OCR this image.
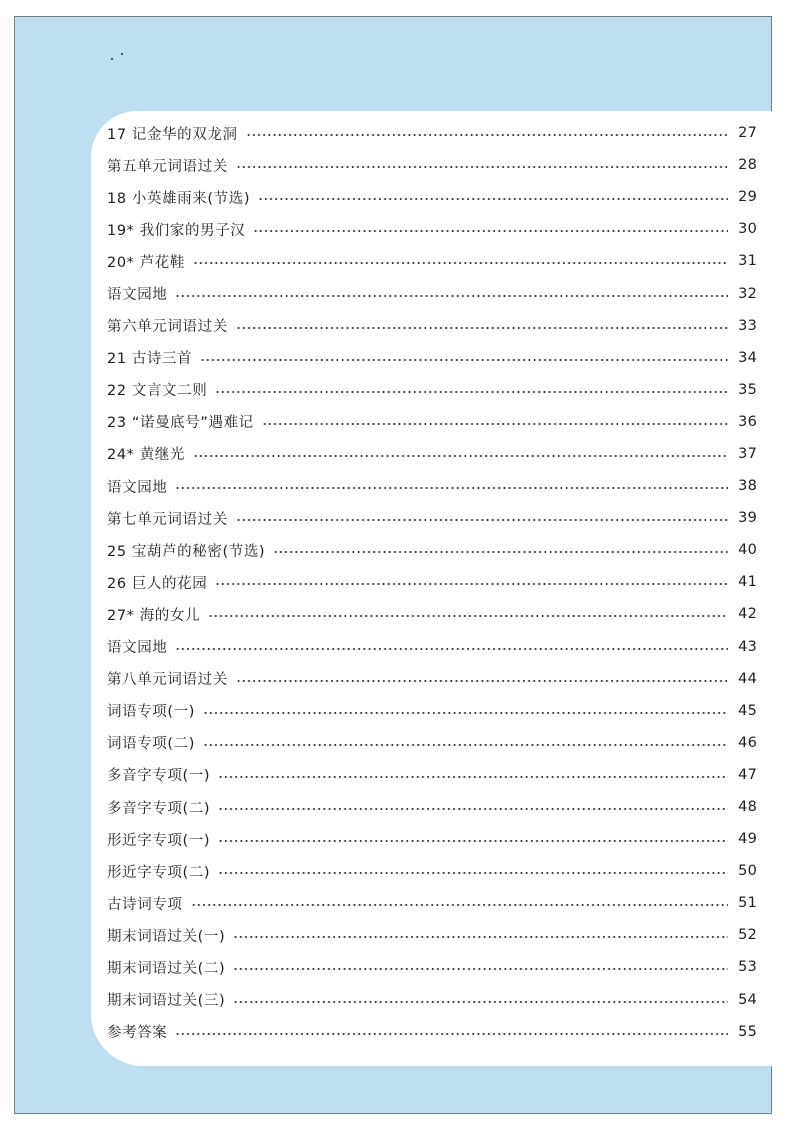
17 记金华的双龙洞	27
第五单元词语过关	28
18 小英雄雨来(节选)	29
19* 我们家的男子汉	30
20* 芦花鞋	31
语文园地	32
第六单元词语过关	33
21 古诗三首	34
22 文言文二则	35
23 “诺曼底号”遇难记	36
24* 黄继光	37
语文园地	38
第七单元词语过关	39
25 宝葫芦的秘密(节选)	40
26 巨人的花园	41
27* 海的女儿	42
语文园地	43
第八单元词语过关	44
词语专项(一)	45
词语专项(二)	46
多音字专项(一)	47
多音字专项(二)	48
形近字专项(一)	49
形近字专项(二)	50
古诗词专项	51
期末词语过关(一)	52
期末词语过关(二)	53
期末词语过关(三)	54
参考答案	55
